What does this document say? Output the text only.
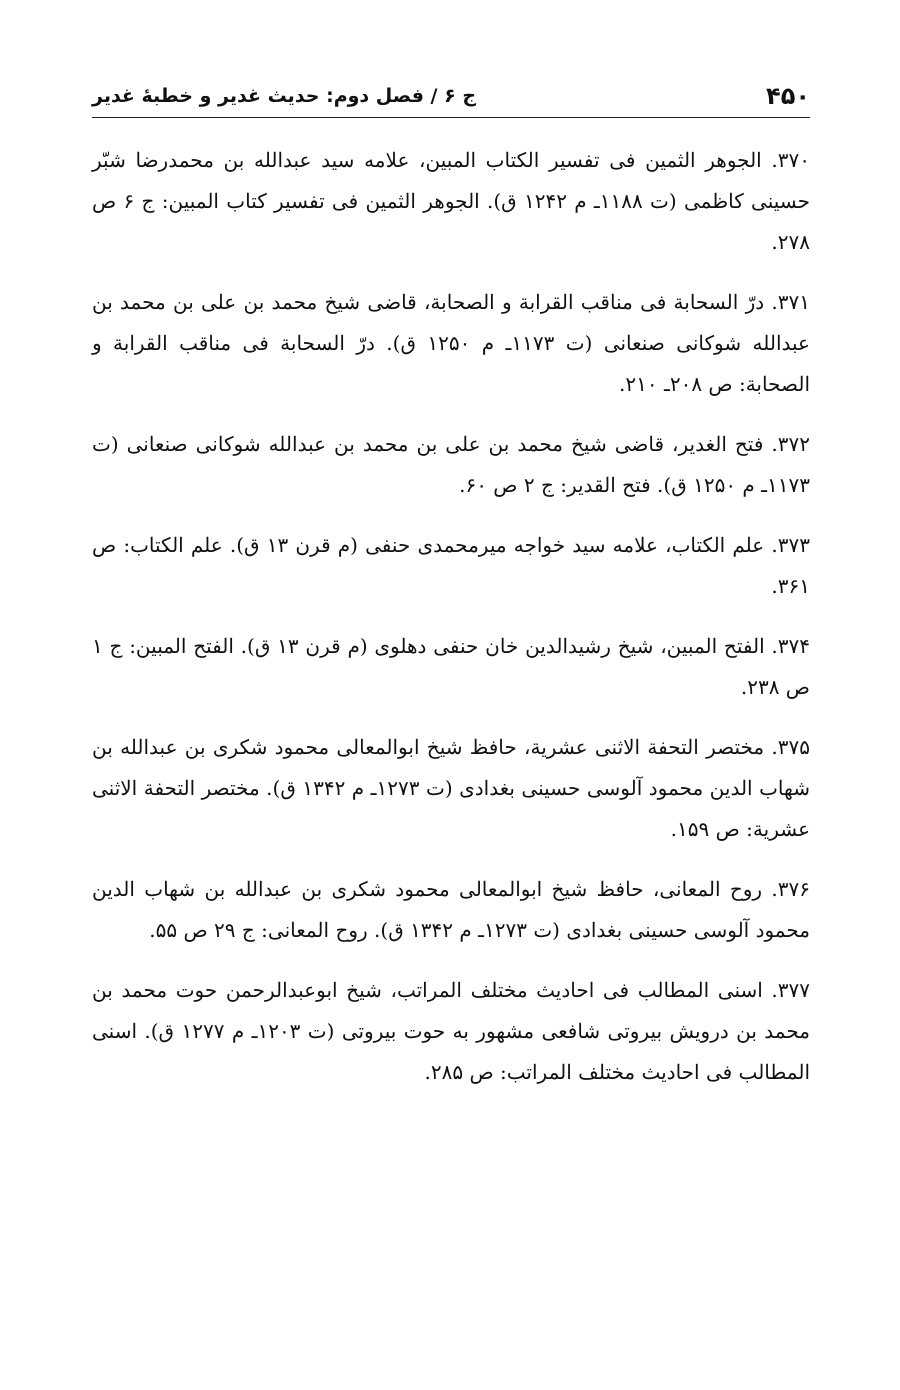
۴۵۰
ج ۶ / فصل دوم: حدیث غدیر و خطبهٔ غدیر

۳۷۰. الجوهر الثمین فی تفسیر الکتاب المبین، علامه سید عبدالله بن محمدرضا شبّر حسینی کاظمی (ت ۱۱۸۸ـ م ۱۲۴۲ ق). الجوهر الثمین فی تفسیر کتاب المبین: ج ۶ ص ۲۷۸.

۳۷۱. درّ السحابة فی مناقب القرابة و الصحابة، قاضی شیخ محمد بن علی بن محمد بن عبدالله شوکانی صنعانی (ت ۱۱۷۳ـ م ۱۲۵۰ ق). درّ السحابة فی مناقب القرابة و الصحابة: ص ۲۰۸ـ ۲۱۰.

۳۷۲. فتح الغدیر، قاضی شیخ محمد بن علی بن محمد بن عبدالله شوکانی صنعانی (ت ۱۱۷۳ـ م ۱۲۵۰ ق). فتح القدیر: ج ۲ ص ۶۰.

۳۷۳. علم الکتاب، علامه سید خواجه میرمحمدی حنفی (م قرن ۱۳ ق). علم الکتاب: ص ۳۶۱.

۳۷۴. الفتح المبین، شیخ رشیدالدین خان حنفی دهلوی (م قرن ۱۳ ق). الفتح المبین: ج ۱ ص ۲۳۸.

۳۷۵. مختصر التحفة الاثنی عشریة، حافظ شیخ ابوالمعالی محمود شکری بن عبدالله بن شهاب الدین محمود آلوسی حسینی بغدادی (ت ۱۲۷۳ـ م ۱۳۴۲ ق). مختصر التحفة الاثنی عشریة: ص ۱۵۹.

۳۷۶. روح المعانی، حافظ شیخ ابوالمعالی محمود شکری بن عبدالله بن شهاب الدین محمود آلوسی حسینی بغدادی (ت ۱۲۷۳ـ م ۱۳۴۲ ق). روح المعانی: ج ۲۹ ص ۵۵.

۳۷۷. اسنی المطالب فی احادیث مختلف المراتب، شیخ ابوعبدالرحمن حوت محمد بن محمد بن درویش بیروتی شافعی مشهور به حوت بیروتی (ت ۱۲۰۳ـ م ۱۲۷۷ ق). اسنی المطالب فی احادیث مختلف المراتب: ص ۲۸۵.
